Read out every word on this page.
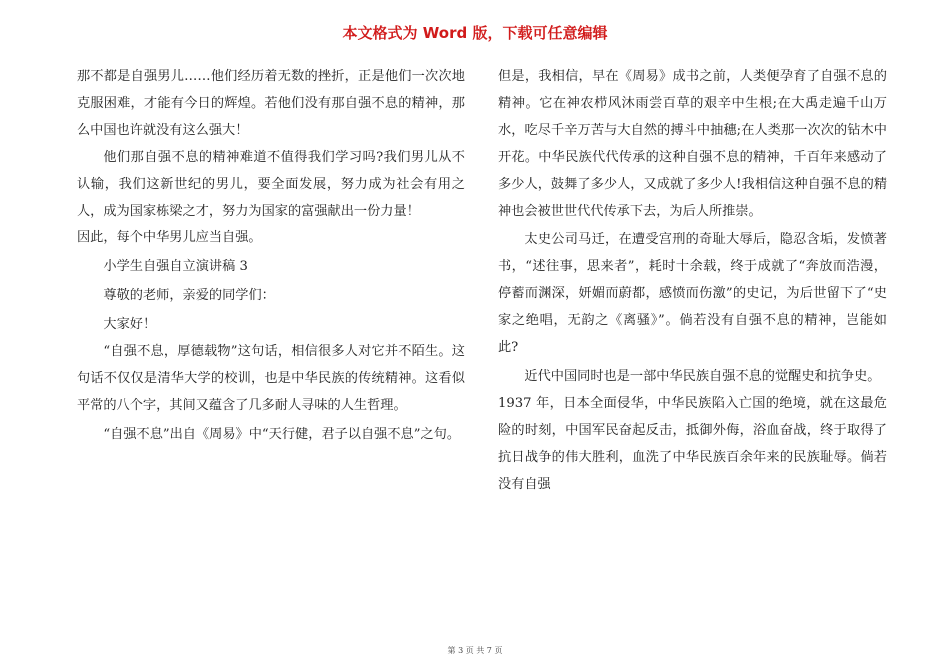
本文格式为 Word 版，下载可任意编辑

那不都是自强男儿……他们经历着无数的挫折，正是他们一次次地克服困难，才能有今日的辉煌。若他们没有那自强不息的精神，那么中国也许就没有这么强大！

他们那自强不息的精神难道不值得我们学习吗?我们男儿从不认输，我们这新世纪的男儿，要全面发展，努力成为社会有用之人，成为国家栋梁之才，努力为国家的富强献出一份力量！

因此，每个中华男儿应当自强。

小学生自强自立演讲稿 3

尊敬的老师，亲爱的同学们：

大家好！

“自强不息，厚德载物”这句话，相信很多人对它并不陌生。这句话不仅仅是清华大学的校训，也是中华民族的传统精神。这看似平常的八个字，其间又蕴含了几多耐人寻味的人生哲理。

“自强不息”出自《周易》中“天行健，君子以自强不息”之句。

但是，我相信，早在《周易》成书之前，人类便孕育了自强不息的精神。它在神农栉风沐雨尝百草的艰辛中生根;在大禹走遍千山万水，吃尽千辛万苦与大自然的搏斗中抽穗;在人类那一次次的钻木中开花。中华民族代代传承的这种自强不息的精神，千百年来感动了多少人，鼓舞了多少人，又成就了多少人!我相信这种自强不息的精神也会被世世代代传承下去，为后人所推崇。

太史公司马迁，在遭受宫刑的奇耻大辱后，隐忍含垢，发愤著书，“述往事，思来者”，耗时十余载，终于成就了“奔放而浩漫，停蓄而渊深，妍媚而蔚都，感愤而伤激”的史记，为后世留下了“史家之绝唱，无韵之《离骚》”。倘若没有自强不息的精神，岂能如此?

近代中国同时也是一部中华民族自强不息的觉醒史和抗争史。

1937 年，日本全面侵华，中华民族陷入亡国的绝境，就在这最危险的时刻，中国军民奋起反击，抵御外侮，浴血奋战，终于取得了抗日战争的伟大胜利，血洗了中华民族百余年来的民族耻辱。倘若没有自强

第 3 页 共 7 页
